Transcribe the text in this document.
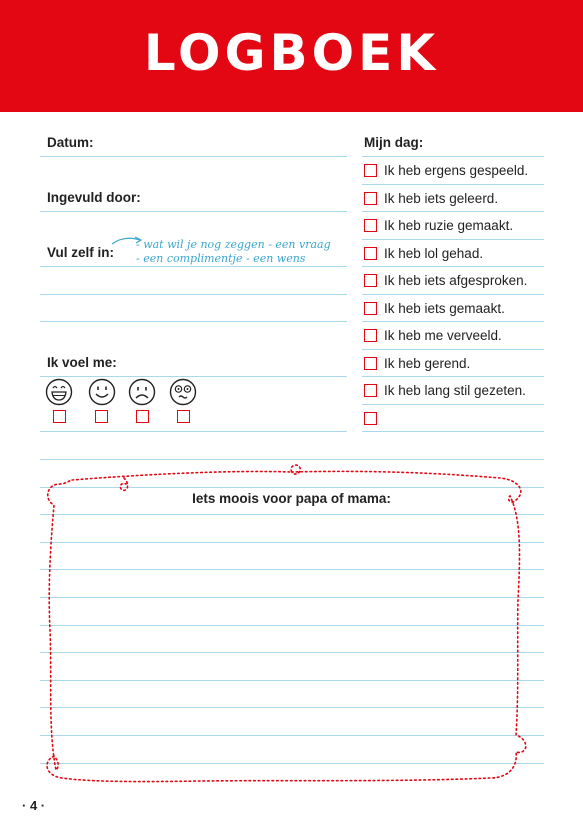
LOGBOEK
Datum:
Ingevuld door:
Vul zelf in:
- wat wil je nog zeggen - een vraag
- een complimentje - een wens
Ik voel me:
Mijn dag:
Ik heb ergens gespeeld.
Ik heb iets geleerd.
Ik heb ruzie gemaakt.
Ik heb lol gehad.
Ik heb iets afgesproken.
Ik heb iets gemaakt.
Ik heb me verveeld.
Ik heb gerend.
Ik heb lang stil gezeten.
Iets moois voor papa of mama:
· 4 ·
